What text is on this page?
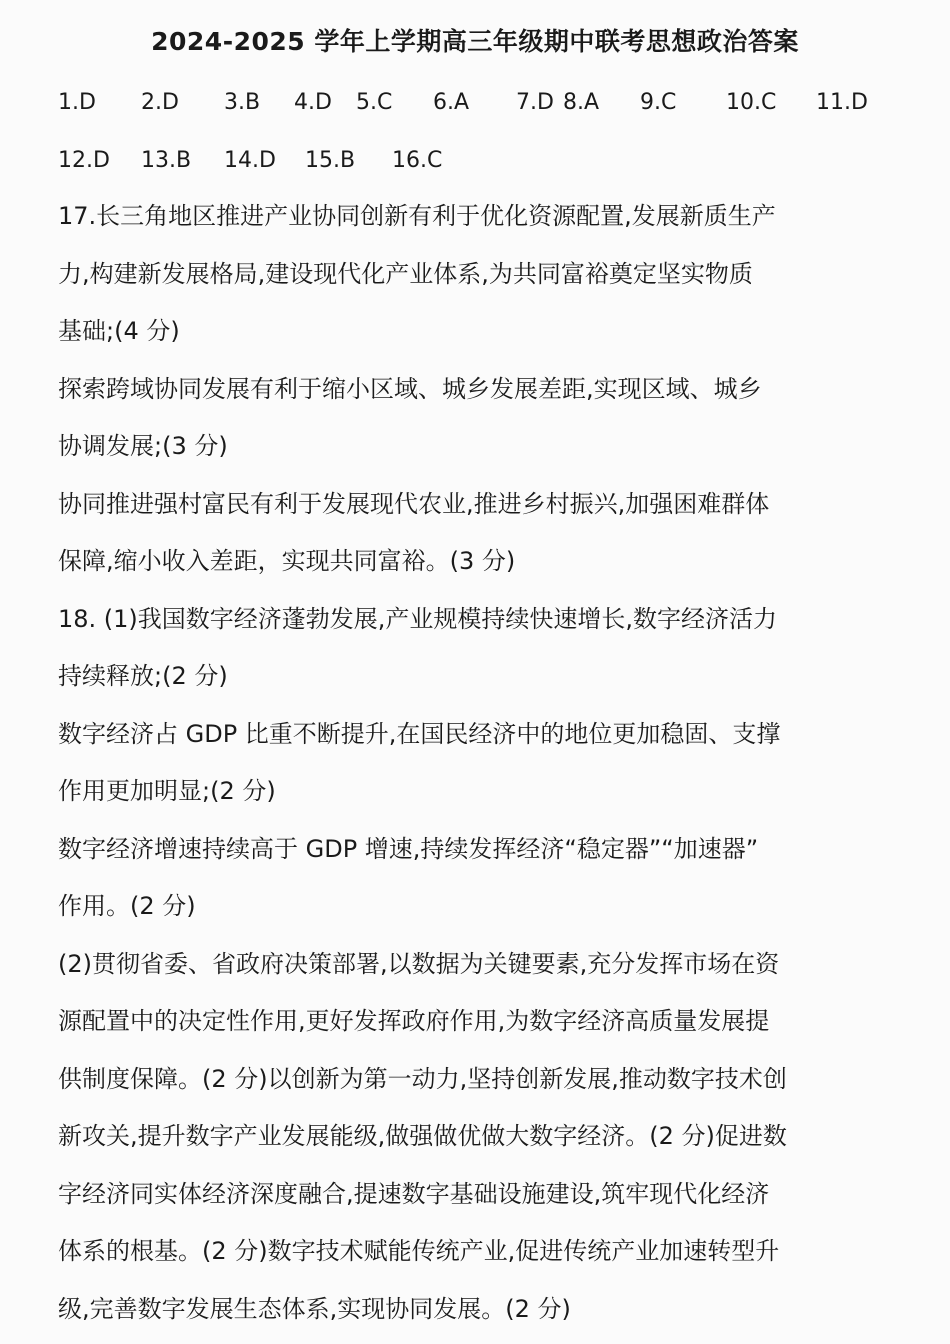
2024-2025 学年上学期高三年级期中联考思想政治答案
1.D 2.D 3.B 4.D 5.C 6.A 7.D 8.A 9.C 10.C 11.D
12.D 13.B 14.D 15.B 16.C
17.长三角地区推进产业协同创新有利于优化资源配置,发展新质生产
力,构建新发展格局,建设现代化产业体系,为共同富裕奠定坚实物质
基础;(4 分)
探索跨域协同发展有利于缩小区域、城乡发展差距,实现区域、城乡
协调发展;(3 分)
协同推进强村富民有利于发展现代农业,推进乡村振兴,加强困难群体
保障,缩小收入差距，实现共同富裕。(3 分)
18. (1)我国数字经济蓬勃发展,产业规模持续快速增长,数字经济活力
持续释放;(2 分)
数字经济占 GDP 比重不断提升,在国民经济中的地位更加稳固、支撑
作用更加明显;(2 分)
数字经济增速持续高于 GDP 增速,持续发挥经济“稳定器”“加速器”
作用。(2 分)
(2)贯彻省委、省政府决策部署,以数据为关键要素,充分发挥市场在资
源配置中的决定性作用,更好发挥政府作用,为数字经济高质量发展提
供制度保障。(2 分)以创新为第一动力,坚持创新发展,推动数字技术创
新攻关,提升数字产业发展能级,做强做优做大数字经济。(2 分)促进数
字经济同实体经济深度融合,提速数字基础设施建设,筑牢现代化经济
体系的根基。(2 分)数字技术赋能传统产业,促进传统产业加速转型升
级,完善数字发展生态体系,实现协同发展。(2 分)
